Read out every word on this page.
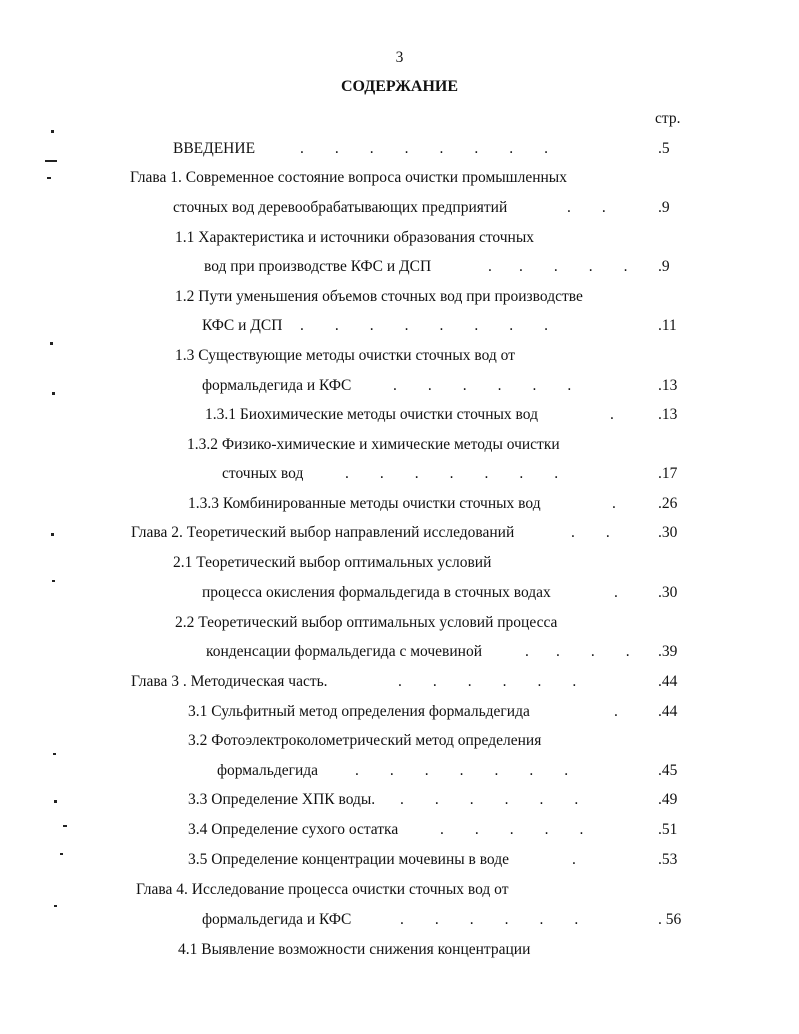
3
СОДЕРЖАНИЕ
стр.
ВВЕДЕНИЕ	.        .        .        .        .        .        .        .	.5
Глава 1. Современное состояние вопроса очистки промышленных
сточных вод деревообрабатывающих предприятий	.        .	.9
1.1 Характеристика и источники образования сточных
вод при производстве КФС и ДСП	.       .        .        .        . .9
1.2 Пути уменьшения объемов сточных вод при производстве
КФС и ДСП .        .        .        .        .        .        .        .	.11
1.3 Существующие методы очистки сточных вод от
формальдегида и КФС	.        .        .        .        .        .	.13
1.3.1 Биохимические методы очистки сточных вод	.	.13
1.3.2 Физико-химические и химические методы очистки
сточных вод	.        .        .        .        .        .        .	.17
1.3.3 Комбинированные методы очистки сточных вод	.	.26
Глава 2. Теоретический выбор направлений исследований	.        .	.30
2.1 Теоретический выбор оптимальных условий
процесса окисления формальдегида в сточных водах	.	.30
2.2 Теоретический выбор оптимальных условий процесса
конденсации формальдегида с мочевиной	.       .        .        . .39
Глава 3 . Методическая часть.	.        .        .        .        .        .	.44
3.1 Сульфитный метод определения формальдегида	.	.44
3.2 Фотоэлектроколометрический метод определения
формальдегида .        .        .        .        .        .        .	.45
3.3 Определение ХПК воды. .        .        .        .        .        .	.49
3.4 Определение сухого остатка	.        .        .        .        .	.51
3.5 Определение концентрации мочевины в воде	.	.53
Глава 4. Исследование процесса очистки сточных вод от
формальдегида и КФС	.        .        .        .        .        .	. 56
4.1 Выявление возможности снижения концентрации
